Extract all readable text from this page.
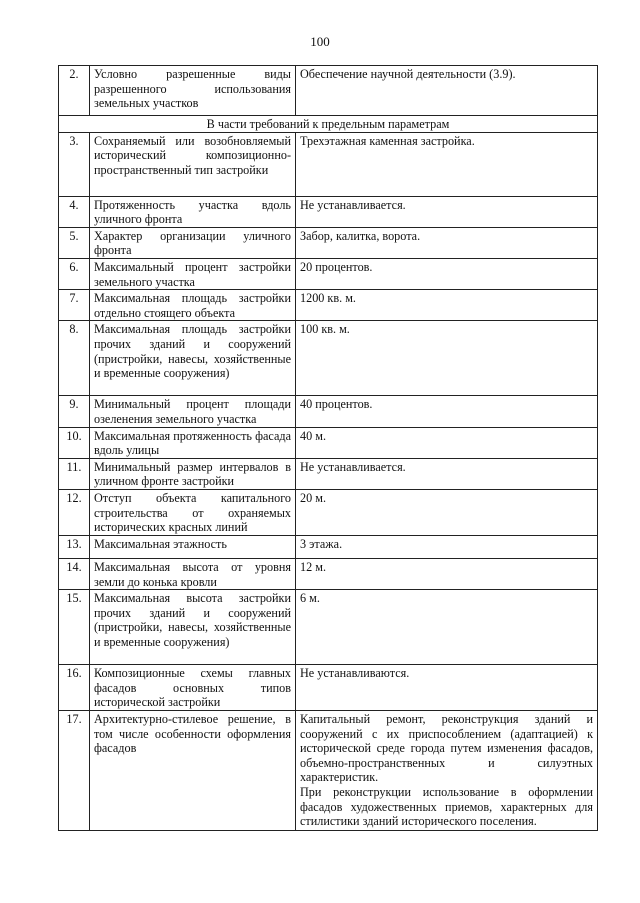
100
2.	Условно разрешенные виды разрешенного использования земельных участков	Обеспечение научной деятельности (3.9).
В части требований к предельным параметрам		
3.	Сохраняемый или возобновляемый исторический композиционно-пространственный тип застройки	Трехэтажная каменная застройка.
4.	Протяженность участка вдоль уличного фронта	Не устанавливается.
5.	Характер организации уличного фронта	Забор, калитка, ворота.
6.	Максимальный процент застройки земельного участка	20 процентов.
7.	Максимальная площадь застройки отдельно стоящего объекта	1200 кв. м.
8.	Максимальная площадь застройки прочих зданий и сооружений (пристройки, навесы, хозяйственные и временные сооружения)	100 кв. м.
9.	Минимальный процент площади озеленения земельного участка	40 процентов.
10.	Максимальная протяженность фасада вдоль улицы	40 м.
11.	Минимальный размер интервалов в уличном фронте застройки	Не устанавливается.
12.	Отступ объекта капитального строительства от охраняемых исторических красных линий	20 м.
13.	Максимальная этажность	3 этажа.
14.	Максимальная высота от уровня земли до конька кровли	12 м.
15.	Максимальная высота застройки прочих зданий и сооружений (пристройки, навесы, хозяйственные и временные сооружения)	6 м.
16.	Композиционные схемы главных фасадов основных типов исторической застройки	Не устанавливаются.
17.	Архитектурно-стилевое решение, в том числе особенности оформления фасадов	Капитальный ремонт, реконструкция зданий и сооружений с их приспособлением (адаптацией) к исторической среде города путем изменения фасадов, объемно-пространственных и силуэтных характеристик.
При реконструкции использование в оформлении фасадов художественных приемов, характерных для стилистики зданий исторического поселения.
